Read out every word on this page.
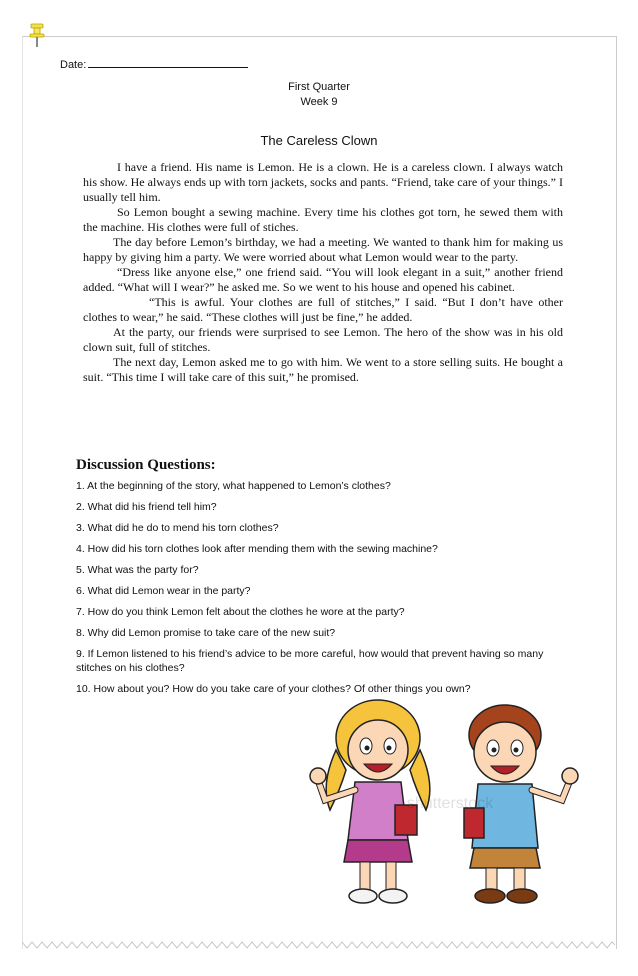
Date:
First Quarter
Week 9
The Careless Clown

I have a friend. His name is Lemon. He is a clown. He is a careless clown. I always watch his show. He always ends up with torn jackets, socks and pants. “Friend, take care of your things.” I usually tell him.

So Lemon bought a sewing machine. Every time his clothes got torn, he sewed them with the machine. His clothes were full of stiches.

The day before Lemon’s birthday, we had a meeting. We wanted to thank him for making us happy by giving him a party. We were worried about what Lemon would wear to the party.

“Dress like anyone else,” one friend said. “You will look elegant in a suit,” another friend added. “What will I wear?” he asked me. So we went to his house and opened his cabinet.

“This is awful. Your clothes are full of stitches,” I said. “But I don’t have other clothes to wear,” he said. “These clothes will just be fine,” he added.

At the party, our friends were surprised to see Lemon. The hero of the show was in his old clown suit, full of stitches.

The next day, Lemon asked me to go with him. We went to a store selling suits. He bought a suit. “This time I will take care of this suit,” he promised.

Discussion Questions:
1. At the beginning of the story, what happened to Lemon’s clothes?
2. What did his friend tell him?
3. What did he do to mend his torn clothes?
4. How did his torn clothes look after mending them with the sewing machine?
5. What was the party for?
6. What did Lemon wear in the party?
7. How do you think Lemon felt about the clothes he wore at the party?
8. Why did Lemon promise to take care of the new suit?
9. If Lemon listened to his friend’s advice to be more careful, how would that prevent having so many stitches on his clothes?
10. How about you? How do you take care of your clothes? Of other things you own?
shutterstock
